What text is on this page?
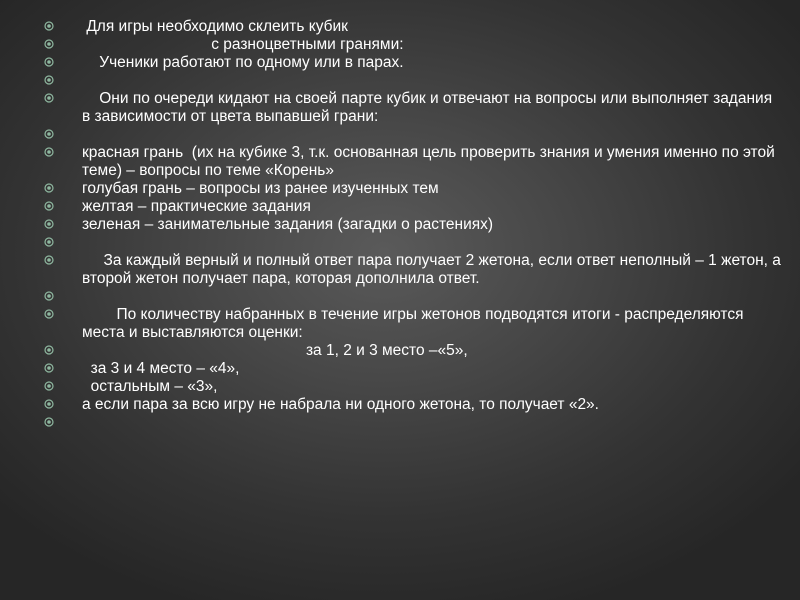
Для игры необходимо склеить кубик
с разноцветными гранями:
Ученики работают по одному или в парах.
Они по очереди кидают на своей парте кубик и отвечают на вопросы или выполняет задания в зависимости от цвета выпавшей грани:
красная грань  (их на кубике 3, т.к. основанная цель проверить знания и умения именно по этой теме) – вопросы по теме «Корень»
голубая грань – вопросы из ранее изученных тем
желтая – практические задания
зеленая – занимательные задания (загадки о растениях)
За каждый верный и полный ответ пара получает 2 жетона, если ответ неполный – 1 жетон, а второй жетон получает пара, которая дополнила ответ.
По количеству набранных в течение игры жетонов подводятся итоги - распределяются места и выставляются оценки:
за 1, 2 и 3 место –«5»,
за 3 и 4 место – «4»,
остальным – «3»,
а если пара за всю игру не набрала ни одного жетона, то получает «2».
